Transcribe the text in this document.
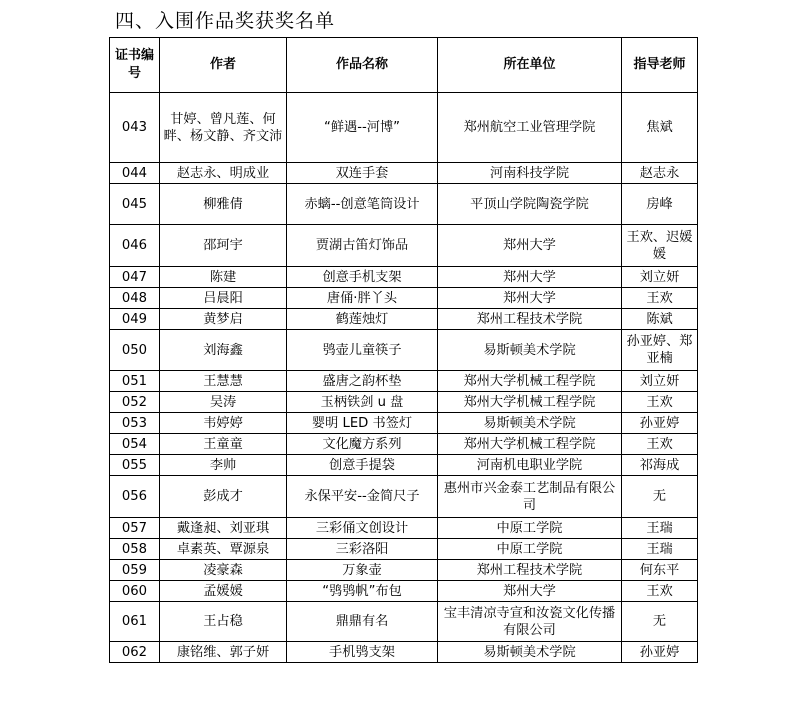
四、入围作品奖获奖名单
证书编号	作者	作品名称	所在单位	指导老师
043	甘婷、曾凡莲、何畔、杨文静、齐文沛	“鲜遇--河博”	郑州航空工业管理学院	焦斌
044	赵志永、明成业	双连手套	河南科技学院	赵志永
045	柳雅倩	赤螭--创意笔筒设计	平顶山学院陶瓷学院	房峰
046	邵珂宇	贾湖古笛灯饰品	郑州大学	王欢、迟媛媛
047	陈建	创意手机支架	郑州大学	刘立妍
048	吕晨阳	唐俑·胖丫头	郑州大学	王欢
049	黄梦启	鹤莲烛灯	郑州工程技术学院	陈斌
050	刘海鑫	鸮壶儿童筷子	易斯顿美术学院	孙亚婷、郑亚楠
051	王慧慧	盛唐之韵杯垫	郑州大学机械工程学院	刘立妍
052	吴涛	玉柄铁剑 u 盘	郑州大学机械工程学院	王欢
053	韦婷婷	婴明 LED 书签灯	易斯顿美术学院	孙亚婷
054	王童童	文化魔方系列	郑州大学机械工程学院	王欢
055	李帅	创意手提袋	河南机电职业学院	祁海成
056	彭成才	永保平安--金简尺子	惠州市兴金泰工艺制品有限公司	无
057	戴逢昶、刘亚琪	三彩俑文创设计	中原工学院	王瑞
058	卓素英、覃源泉	三彩洛阳	中原工学院	王瑞
059	凌豪森	万象壶	郑州工程技术学院	何东平
060	孟媛媛	“鸮鸮帆”布包	郑州大学	王欢
061	王占稳	鼎鼎有名	宝丰清凉寺宣和汝瓷文化传播有限公司	无
062	康铭维、郭子妍	手机鸮支架	易斯顿美术学院	孙亚婷
